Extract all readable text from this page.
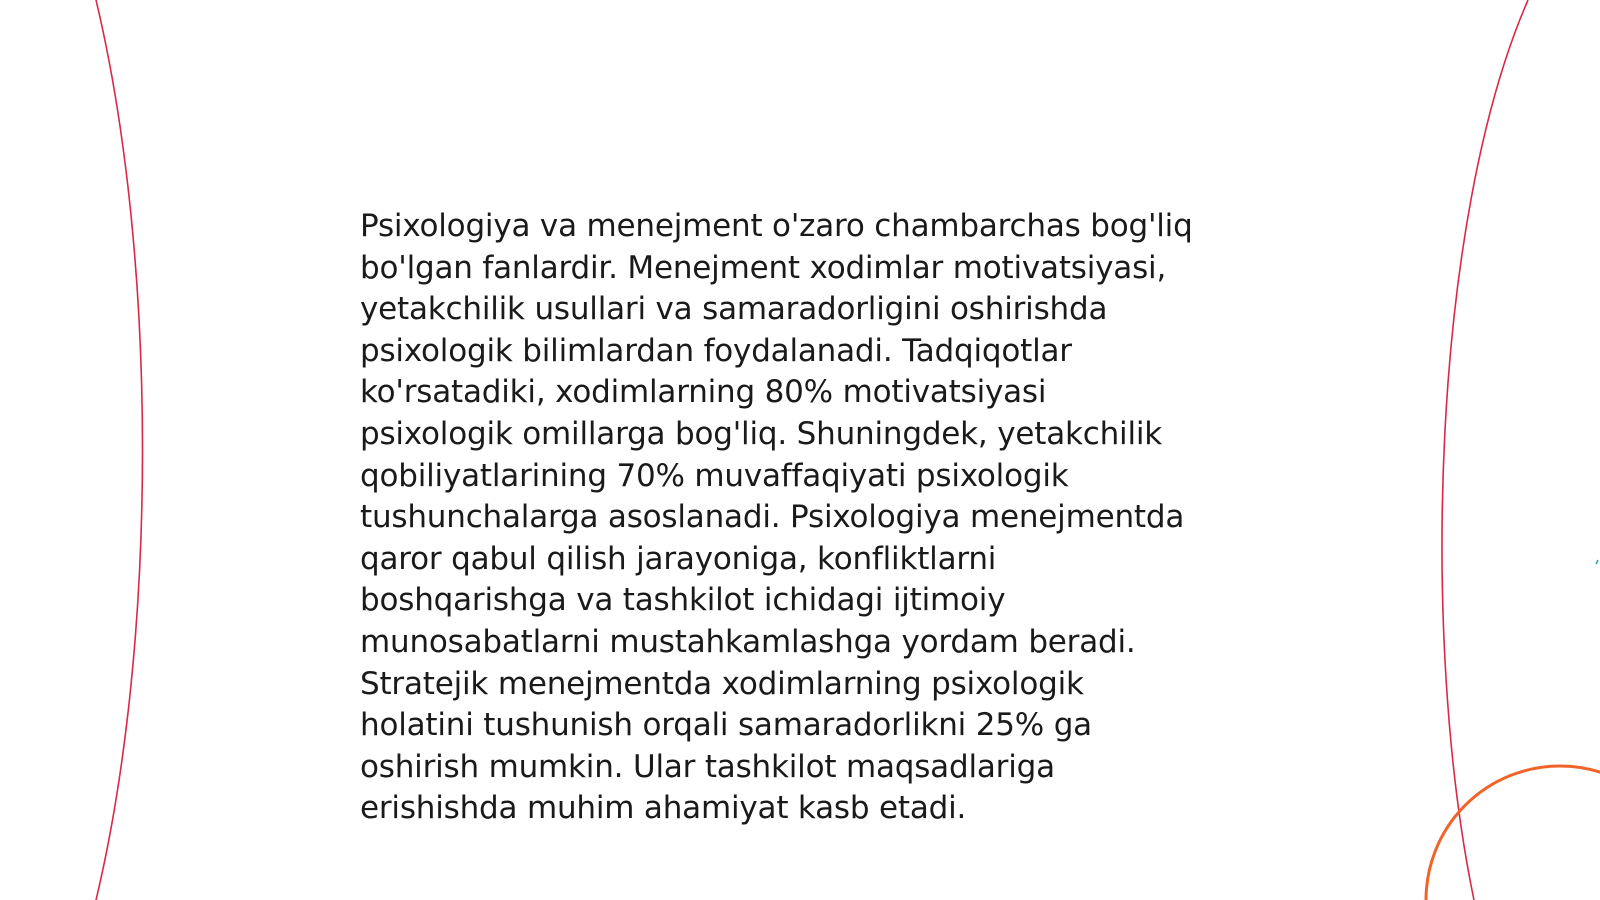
Psixologiya va menejment o'zaro chambarchas bog'liq
bo'lgan fanlardir. Menejment xodimlar motivatsiyasi,
yetakchilik usullari va samaradorligini oshirishda
psixologik bilimlardan foydalanadi. Tadqiqotlar
ko'rsatadiki, xodimlarning 80% motivatsiyasi
psixologik omillarga bog'liq. Shuningdek, yetakchilik
qobiliyatlarining 70% muvaffaqiyati psixologik
tushunchalarga asoslanadi. Psixologiya menejmentda
qaror qabul qilish jarayoniga, konfliktlarni
boshqarishga va tashkilot ichidagi ijtimoiy
munosabatlarni mustahkamlashga yordam beradi.
Stratejik menejmentda xodimlarning psixologik
holatini tushunish orqali samaradorlikni 25% ga
oshirish mumkin. Ular tashkilot maqsadlariga
erishishda muhim ahamiyat kasb etadi.
